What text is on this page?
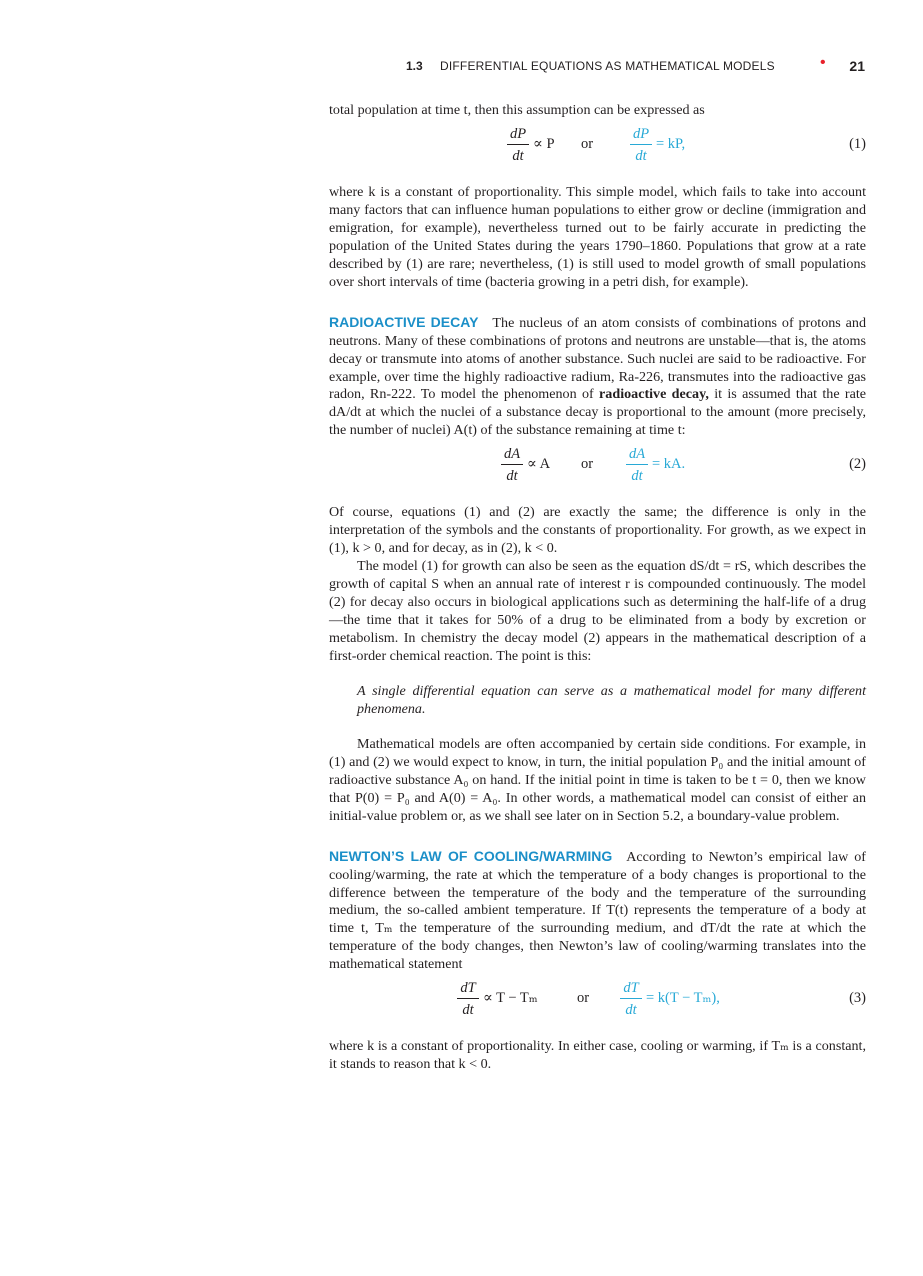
1.3 DIFFERENTIAL EQUATIONS AS MATHEMATICAL MODELS	• 21

total population at time t, then this assumption can be expressed as

dP
dt
∝ P or
dP
dt
= kP,	(1)

where k is a constant of proportionality. This simple model, which fails to take into account many factors that can influence human populations to either grow or decline (immigration and emigration, for example), nevertheless turned out to be fairly accurate in predicting the population of the United States during the years 1790–1860. Populations that grow at a rate described by (1) are rare; nevertheless, (1) is still used to model growth of small populations over short intervals of time (bacteria growing in a petri dish, for example).

RADIOACTIVE DECAY The nucleus of an atom consists of combinations of protons and neutrons. Many of these combinations of protons and neutrons are unstable—that is, the atoms decay or transmute into atoms of another substance. Such nuclei are said to be radioactive. For example, over time the highly radioactive radium, Ra-226, transmutes into the radioactive gas radon, Rn-222. To model the phenomenon of radioactive decay, it is assumed that the rate dA/dt at which the nuclei of a substance decay is proportional to the amount (more precisely, the number of nuclei) A(t) of the substance remaining at time t:

dA
dt
∝ A or
dA
dt
= kA.	(2)

Of course, equations (1) and (2) are exactly the same; the difference is only in the interpretation of the symbols and the constants of proportionality. For growth, as we expect in (1), k > 0, and for decay, as in (2), k < 0.

The model (1) for growth can also be seen as the equation dS/dt = rS, which describes the growth of capital S when an annual rate of interest r is compounded continuously. The model (2) for decay also occurs in biological applications such as determining the half-life of a drug—the time that it takes for 50% of a drug to be eliminated from a body by excretion or metabolism. In chemistry the decay model (2) appears in the mathematical description of a first-order chemical reaction. The point is this:

A single differential equation can serve as a mathematical model for many different phenomena.

Mathematical models are often accompanied by certain side conditions. For example, in (1) and (2) we would expect to know, in turn, the initial population P₀ and the initial amount of radioactive substance A₀ on hand. If the initial point in time is taken to be t = 0, then we know that P(0) = P₀ and A(0) = A₀. In other words, a mathematical model can consist of either an initial-value problem or, as we shall see later on in Section 5.2, a boundary-value problem.

NEWTON’S LAW OF COOLING/WARMING According to Newton’s empirical law of cooling/warming, the rate at which the temperature of a body changes is proportional to the difference between the temperature of the body and the temperature of the surrounding medium, the so-called ambient temperature. If T(t) represents the temperature of a body at time t, Tₘ the temperature of the surrounding medium, and dT/dt the rate at which the temperature of the body changes, then Newton’s law of cooling/warming translates into the mathematical statement

dT
dt
∝ T − Tₘ	or
dT
dt
= k(T − Tₘ),	(3)

where k is a constant of proportionality. In either case, cooling or warming, if Tₘ is a constant, it stands to reason that k < 0.
